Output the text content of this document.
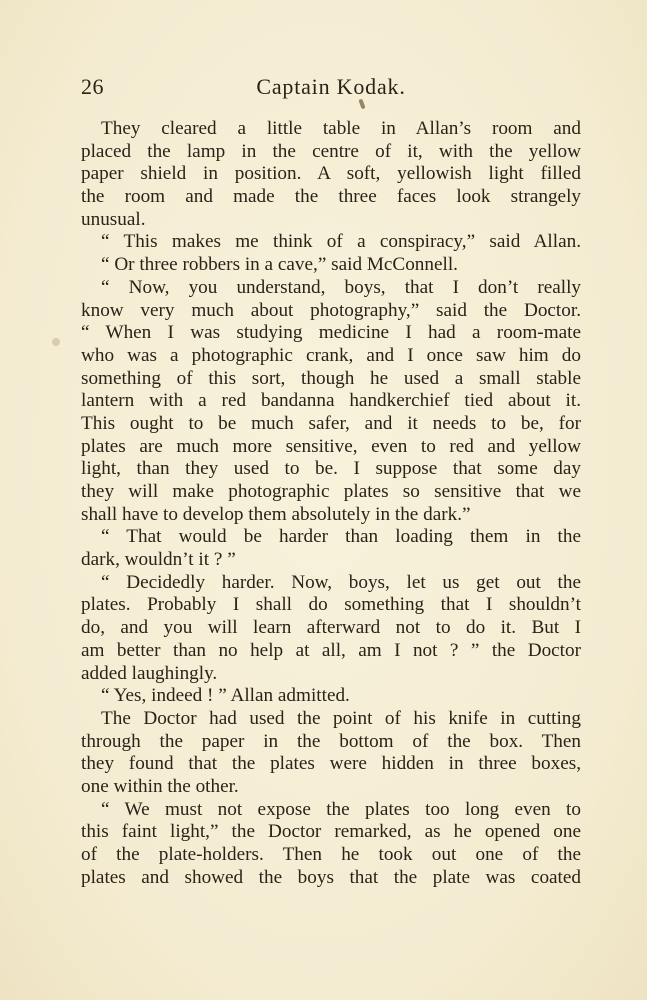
26	Captain Kodak.
They cleared a little table in Allan’s room and
placed the lamp in the centre of it, with the yellow
paper shield in position. A soft, yellowish light filled
the room and made the three faces look strangely
unusual.
“ This makes me think of a conspiracy,” said Allan.
“ Or three robbers in a cave,” said McConnell.
“ Now, you understand, boys, that I don’t really
know very much about photography,” said the Doctor.
“ When I was studying medicine I had a room-mate
who was a photographic crank, and I once saw him do
something of this sort, though he used a small stable
lantern with a red bandanna handkerchief tied about it.
This ought to be much safer, and it needs to be, for
plates are much more sensitive, even to red and yellow
light, than they used to be. I suppose that some day
they will make photographic plates so sensitive that we
shall have to develop them absolutely in the dark.”
“ That would be harder than loading them in the
dark, wouldn’t it ? ”
“ Decidedly harder. Now, boys, let us get out the
plates. Probably I shall do something that I shouldn’t
do, and you will learn afterward not to do it. But I
am better than no help at all, am I not ? ” the Doctor
added laughingly.
“ Yes, indeed ! ” Allan admitted.
The Doctor had used the point of his knife in cutting
through the paper in the bottom of the box. Then
they found that the plates were hidden in three boxes,
one within the other.
“ We must not expose the plates too long even to
this faint light,” the Doctor remarked, as he opened one
of the plate-holders. Then he took out one of the
plates and showed the boys that the plate was coated
